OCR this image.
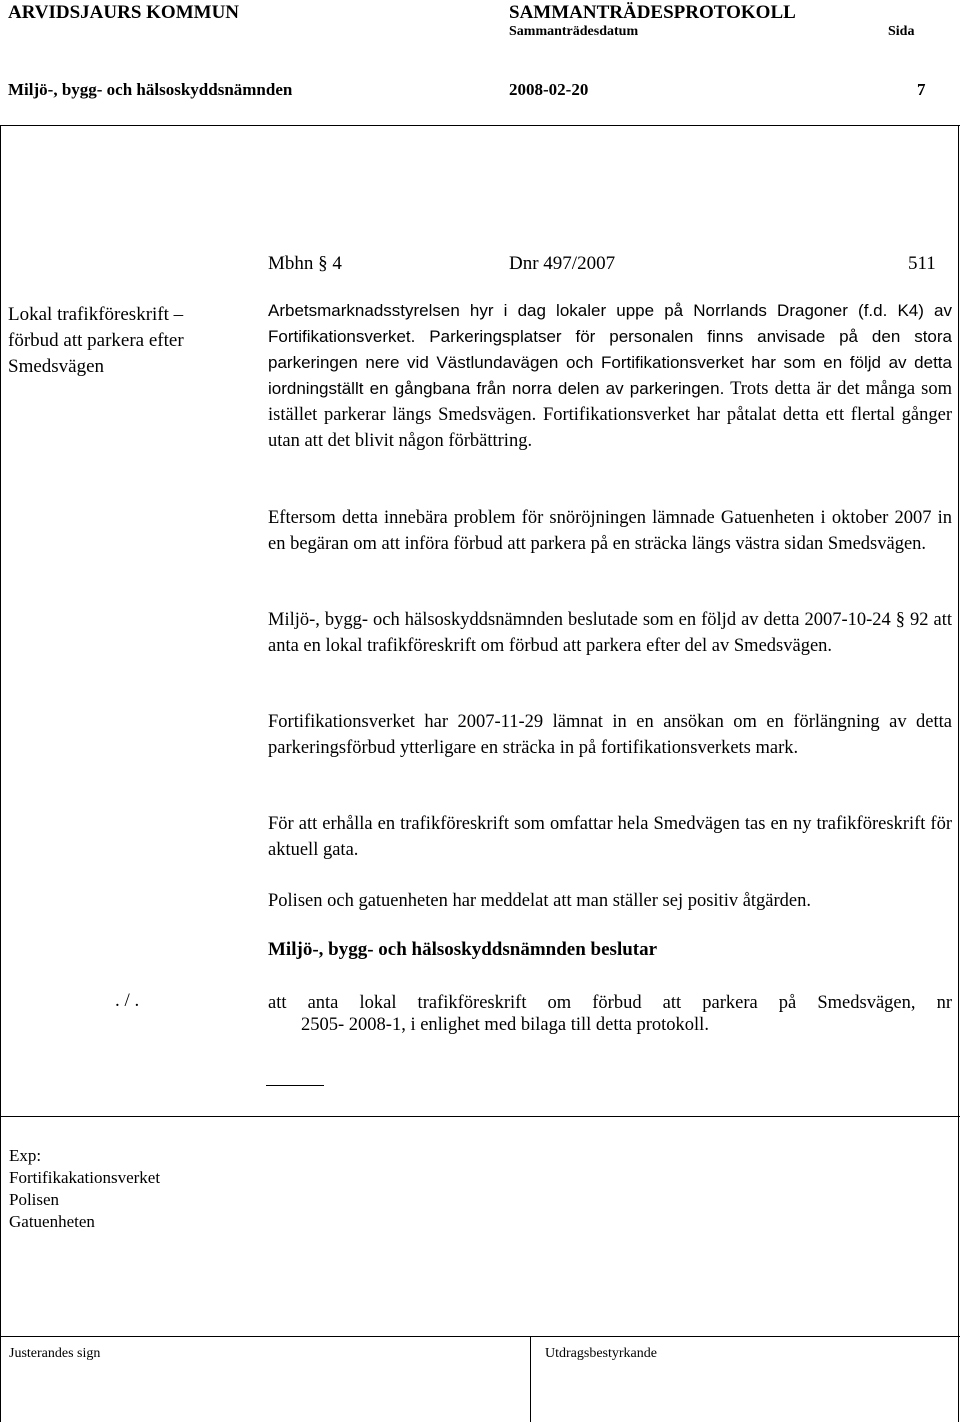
ARVIDSJAURS KOMMUN	SAMMANTRÄDESPROTOKOLL
Sammanträdesdatum	Sida
Miljö-, bygg- och hälsoskyddsnämnden	2008-02-20	7
Mbhn § 4	Dnr 497/2007	511
Lokal trafikföreskrift –
förbud att parkera efter
Smedsvägen
Arbetsmarknadsstyrelsen hyr i dag lokaler uppe på Norrlands Dragoner (f.d. K4) av Fortifikationsverket. Parkeringsplatser för personalen finns anvisade på den stora parkeringen nere vid Västlundavägen och Fortifikationsverket har som en följd av detta iordningställt en gångbana från norra delen av parkeringen. Trots detta är det många som istället parkerar längs Smedsvägen. Fortifikationsverket har påtalat detta ett flertal gånger utan att det blivit någon förbättring.
Eftersom detta innebära problem för snöröjningen lämnade Gatuenheten i oktober 2007 in en begäran om att införa förbud att parkera på en sträcka längs västra sidan Smedsvägen.
Miljö-, bygg- och hälsoskyddsnämnden beslutade som en följd av detta 2007-10-24 § 92 att anta en lokal trafikföreskrift om förbud att parkera efter del av Smedsvägen.
Fortifikationsverket har 2007-11-29 lämnat in en ansökan om en förlängning av detta parkeringsförbud ytterligare en sträcka in på fortifikationsverkets mark.
För att erhålla en trafikföreskrift som omfattar hela Smedvägen tas en ny trafikföreskrift för aktuell gata.
Polisen och gatuenheten har meddelat att man ställer sej positiv åtgärden.
Miljö-, bygg- och hälsoskyddsnämnden beslutar
. / .	att anta lokal trafikföreskrift om förbud att parkera på Smedsvägen, nr
2505- 2008-1, i enlighet med bilaga till detta protokoll.
Exp:
Fortifikakationsverket
Polisen
Gatuenheten
Justerandes sign	Utdragsbestyrkande
